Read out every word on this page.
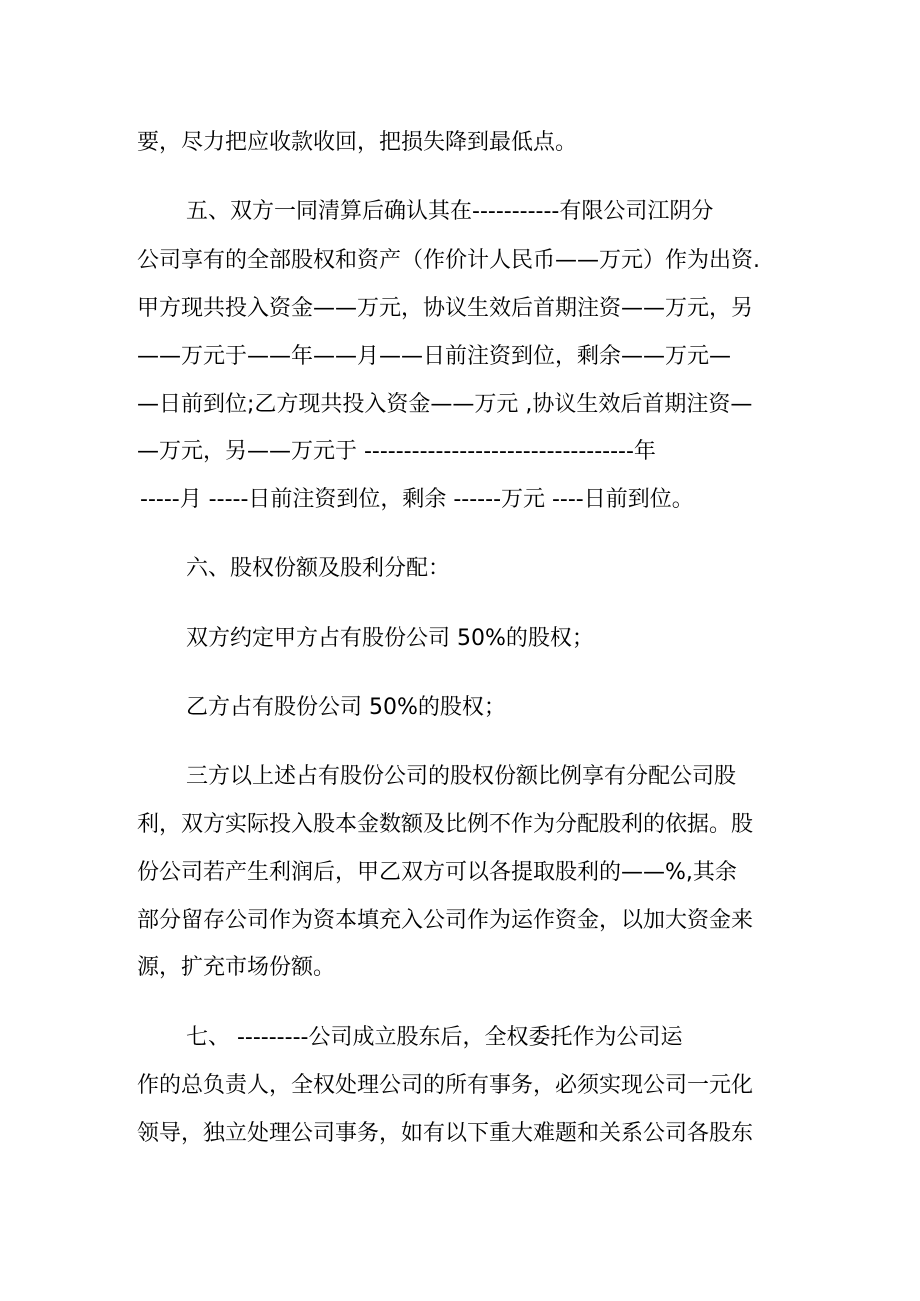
要，尽力把应收款收回，把损失降到最低点。
五、双方一同清算后确认其在-----------有限公司江阴分
公司享有的全部股权和资产（作价计人民币——万元）作为出资.
甲方现共投入资金——万元，协议生效后首期注资——万元，另
——万元于——年——月——日前注资到位，剩余——万元—
—日前到位;乙方现共投入资金——万元 ,协议生效后首期注资—
—万元，另——万元于 ----------------------------------年
-----月 -----日前注资到位，剩余 ------万元 ----日前到位。
六、股权份额及股利分配：
双方约定甲方占有股份公司 50%的股权；
乙方占有股份公司 50%的股权；
三方以上述占有股份公司的股权份额比例享有分配公司股
利，双方实际投入股本金数额及比例不作为分配股利的依据。股
份公司若产生利润后，甲乙双方可以各提取股利的——%,其余
部分留存公司作为资本填充入公司作为运作资金，以加大资金来
源，扩充市场份额。
七、 ---------公司成立股东后，全权委托作为公司运
作的总负责人，全权处理公司的所有事务，必须实现公司一元化
领导，独立处理公司事务，如有以下重大难题和关系公司各股东
